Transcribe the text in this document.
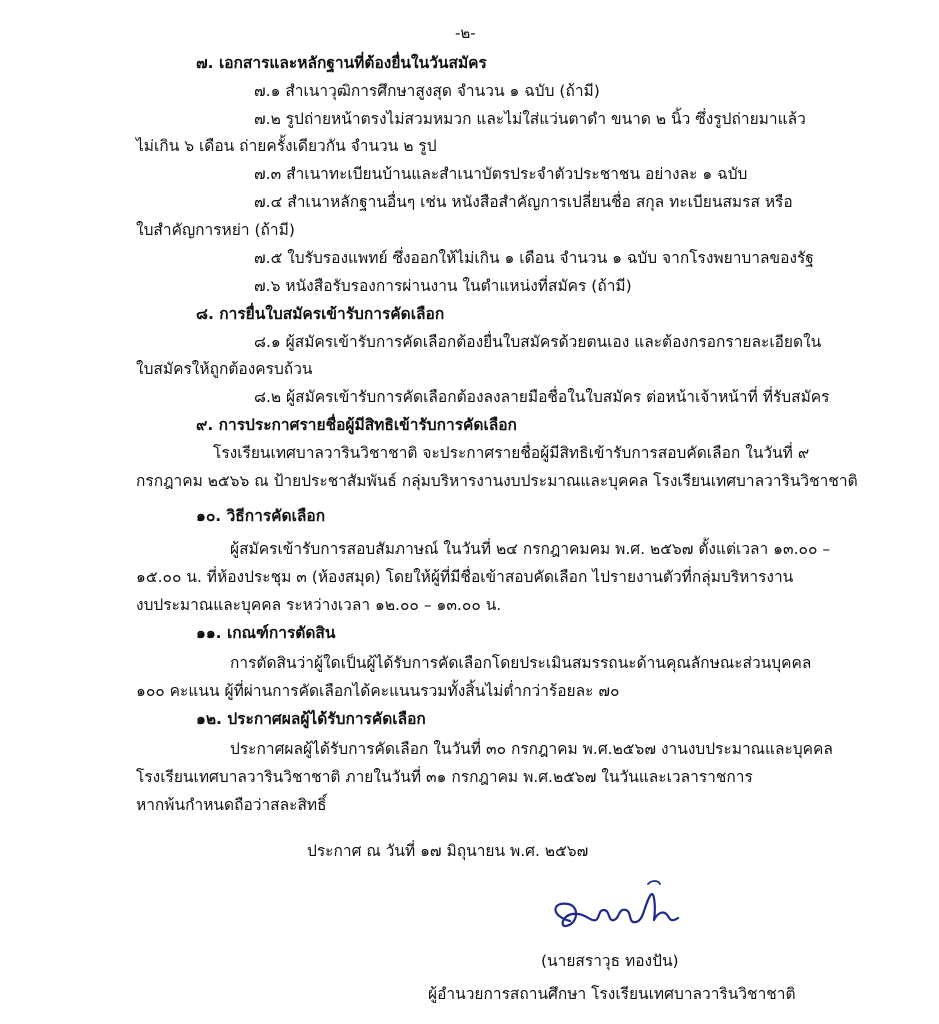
-๒-
๗. เอกสารและหลักฐานที่ต้องยื่นในวันสมัคร
๗.๑ สำเนาวุฒิการศึกษาสูงสุด จำนวน ๑ ฉบับ (ถ้ามี)
๗.๒ รูปถ่ายหน้าตรงไม่สวมหมวก และไม่ใส่แว่นตาดำ ขนาด ๒ นิ้ว ซึ่งรูปถ่ายมาแล้ว
ไม่เกิน ๖ เดือน ถ่ายครั้งเดียวกัน จำนวน ๒ รูป
๗.๓ สำเนาทะเบียนบ้านและสำเนาบัตรประจำตัวประชาชน อย่างละ ๑ ฉบับ
๗.๔ สำเนาหลักฐานอื่นๆ เช่น หนังสือสำคัญการเปลี่ยนชื่อ สกุล ทะเบียนสมรส หรือ
ใบสำคัญการหย่า (ถ้ามี)
๗.๕ ใบรับรองแพทย์ ซึ่งออกให้ไม่เกิน ๑ เดือน จำนวน ๑ ฉบับ จากโรงพยาบาลของรัฐ
๗.๖ หนังสือรับรองการผ่านงาน ในตำแหน่งที่สมัคร (ถ้ามี)
๘. การยื่นใบสมัครเข้ารับการคัดเลือก
๘.๑ ผู้สมัครเข้ารับการคัดเลือกต้องยื่นใบสมัครด้วยตนเอง และต้องกรอกรายละเอียดใน
ใบสมัครให้ถูกต้องครบถ้วน
๘.๒ ผู้สมัครเข้ารับการคัดเลือกต้องลงลายมือชื่อในใบสมัคร ต่อหน้าเจ้าหน้าที่ ที่รับสมัคร
๙. การประกาศรายชื่อผู้มีสิทธิเข้ารับการคัดเลือก
โรงเรียนเทศบาลวารินวิชาชาติ จะประกาศรายชื่อผู้มีสิทธิเข้ารับการสอบคัดเลือก ในวันที่ ๙
กรกฎาคม ๒๕๖๖ ณ ป้ายประชาสัมพันธ์ กลุ่มบริหารงานงบประมาณและบุคคล โรงเรียนเทศบาลวารินวิชาชาติ
๑๐. วิธีการคัดเลือก
ผู้สมัครเข้ารับการสอบสัมภาษณ์ ในวันที่ ๒๔ กรกฎาคมคม พ.ศ. ๒๕๖๗ ตั้งแต่เวลา ๑๓.๐๐ –
๑๕.๐๐ น. ที่ห้องประชุม ๓ (ห้องสมุด) โดยให้ผู้ที่มีชื่อเข้าสอบคัดเลือก ไปรายงานตัวที่กลุ่มบริหารงาน
งบประมาณและบุคคล ระหว่างเวลา ๑๒.๐๐ – ๑๓.๐๐ น.
๑๑. เกณฑ์การตัดสิน
การตัดสินว่าผู้ใดเป็นผู้ได้รับการคัดเลือกโดยประเมินสมรรถนะด้านคุณลักษณะส่วนบุคคล
๑๐๐ คะแนน ผู้ที่ผ่านการคัดเลือกได้คะแนนรวมทั้งสิ้นไม่ต่ำกว่าร้อยละ ๗๐
๑๒. ประกาศผลผู้ได้รับการคัดเลือก
ประกาศผลผู้ได้รับการคัดเลือก ในวันที่ ๓๐ กรกฎาคม พ.ศ.๒๕๖๗ งานงบประมาณและบุคคล
โรงเรียนเทศบาลวารินวิชาชาติ ภายในวันที่ ๓๑ กรกฎาคม พ.ศ.๒๕๖๗ ในวันและเวลาราชการ
หากพ้นกำหนดถือว่าสละสิทธิ์
ประกาศ ณ วันที่ ๑๗ มิถุนายน พ.ศ. ๒๕๖๗
(นายสราวุธ ทองปัน)
ผู้อำนวยการสถานศึกษา โรงเรียนเทศบาลวารินวิชาชาติ
